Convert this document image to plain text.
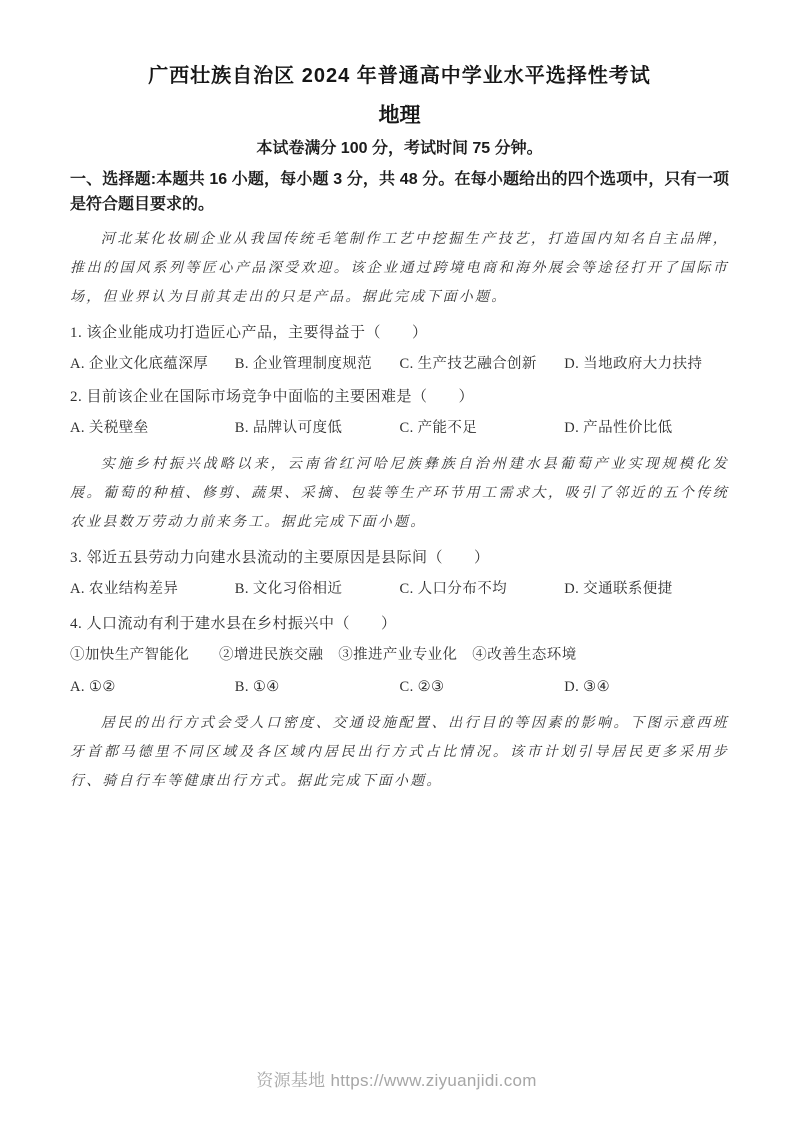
广西壮族自治区 2024 年普通高中学业水平选择性考试
地理

本试卷满分 100 分，考试时间 75 分钟。

一、选择题:本题共 16 小题，每小题 3 分，共 48 分。在每小题给出的四个选项中，只有一项是符合题目要求的。

河北某化妆刷企业从我国传统毛笔制作工艺中挖掘生产技艺，打造国内知名自主品牌，推出的国风系列等匠心产品深受欢迎。该企业通过跨境电商和海外展会等途径打开了国际市场，但业界认为目前其走出的只是产品。据此完成下面小题。

1. 该企业能成功打造匠心产品，主要得益于（　　）

A. 企业文化底蕴深厚	B. 企业管理制度规范	C. 生产技艺融合创新	D. 当地政府大力扶持

2. 目前该企业在国际市场竞争中面临的主要困难是（　　）

A. 关税壁垒	B. 品牌认可度低	C. 产能不足	D. 产品性价比低

实施乡村振兴战略以来，云南省红河哈尼族彝族自治州建水县葡萄产业实现规模化发展。葡萄的种植、修剪、蔬果、采摘、包装等生产环节用工需求大，吸引了邻近的五个传统农业县数万劳动力前来务工。据此完成下面小题。

3. 邻近五县劳动力向建水县流动的主要原因是县际间（　　）

A. 农业结构差异	B. 文化习俗相近	C. 人口分布不均	D. 交通联系便捷

4. 人口流动有利于建水县在乡村振兴中（　　）

①加快生产智能化　　②增进民族交融　③推进产业专业化　④改善生态环境

A. ①②	B. ①④	C. ②③	D. ③④

居民的出行方式会受人口密度、交通设施配置、出行目的等因素的影响。下图示意西班牙首都马德里不同区域及各区域内居民出行方式占比情况。该市计划引导居民更多采用步行、骑自行车等健康出行方式。据此完成下面小题。

资源基地 https://www.ziyuanjidi.com
